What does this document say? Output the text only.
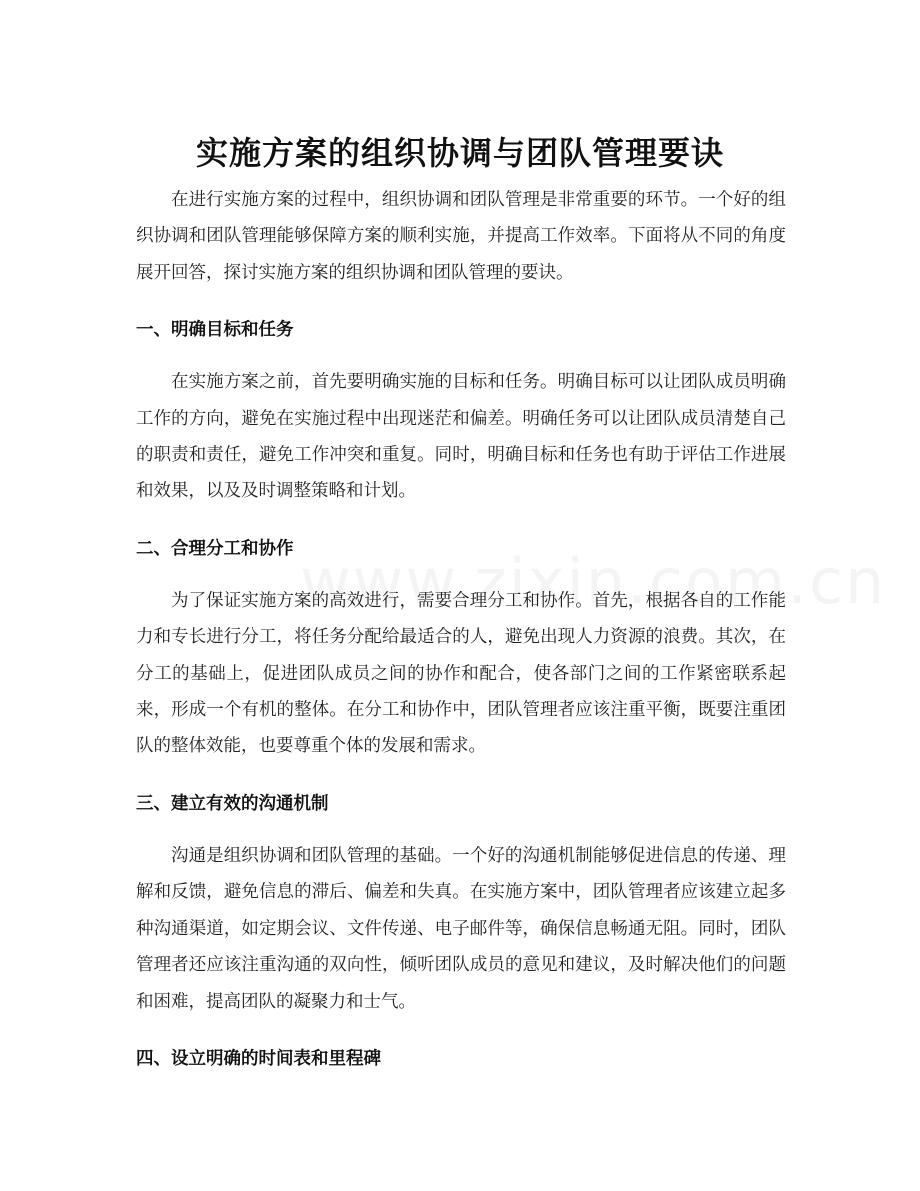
实施方案的组织协调与团队管理要诀

在进行实施方案的过程中，组织协调和团队管理是非常重要的环节。一个好的组织协调和团队管理能够保障方案的顺利实施，并提高工作效率。下面将从不同的角度展开回答，探讨实施方案的组织协调和团队管理的要诀。

一、明确目标和任务

在实施方案之前，首先要明确实施的目标和任务。明确目标可以让团队成员明确工作的方向，避免在实施过程中出现迷茫和偏差。明确任务可以让团队成员清楚自己的职责和责任，避免工作冲突和重复。同时，明确目标和任务也有助于评估工作进展和效果，以及及时调整策略和计划。

二、合理分工和协作

为了保证实施方案的高效进行，需要合理分工和协作。首先，根据各自的工作能力和专长进行分工，将任务分配给最适合的人，避免出现人力资源的浪费。其次，在分工的基础上，促进团队成员之间的协作和配合，使各部门之间的工作紧密联系起来，形成一个有机的整体。在分工和协作中，团队管理者应该注重平衡，既要注重团队的整体效能，也要尊重个体的发展和需求。

三、建立有效的沟通机制

沟通是组织协调和团队管理的基础。一个好的沟通机制能够促进信息的传递、理解和反馈，避免信息的滞后、偏差和失真。在实施方案中，团队管理者应该建立起多种沟通渠道，如定期会议、文件传递、电子邮件等，确保信息畅通无阻。同时，团队管理者还应该注重沟通的双向性，倾听团队成员的意见和建议，及时解决他们的问题和困难，提高团队的凝聚力和士气。

四、设立明确的时间表和里程碑
